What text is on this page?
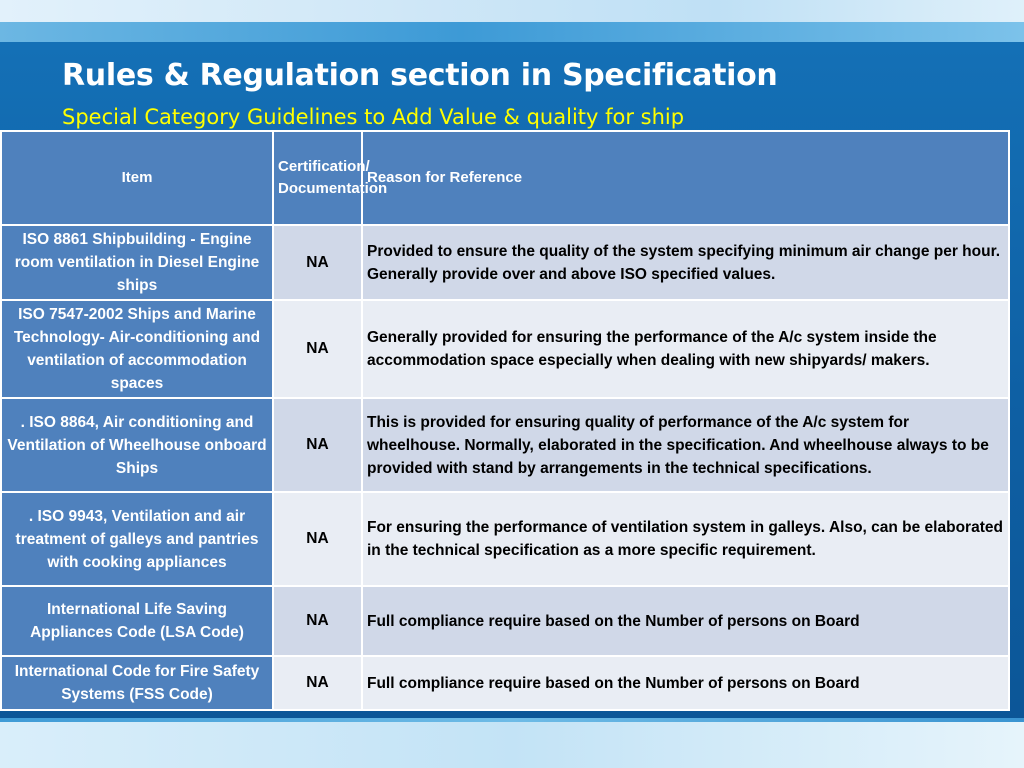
Rules & Regulation section in Specification

Special Category Guidelines to Add Value & quality for ship

Item	Certification/ Documentation	Reason for Reference
ISO 8861 Shipbuilding - Engine room ventilation in Diesel Engine ships	NA	Provided to ensure the quality of the system specifying minimum air change per hour. Generally provide over and above ISO specified values.
ISO 7547-2002 Ships and Marine Technology- Air-conditioning and ventilation of accommodation spaces	NA	Generally provided for ensuring the performance of the A/c system inside the accommodation space especially when dealing with new shipyards/ makers.
. ISO 8864, Air conditioning and Ventilation of Wheelhouse onboard Ships	NA	This is provided for ensuring quality of performance of the A/c system for wheelhouse. Normally, elaborated in the specification. And wheelhouse always to be provided with stand by arrangements in the technical specifications.
. ISO 9943, Ventilation and air treatment of galleys and pantries with cooking appliances	NA	For ensuring the performance of ventilation system in galleys. Also, can be elaborated in the technical specification as a more specific requirement.
International Life Saving Appliances Code (LSA Code)	NA	Full compliance require based on the Number of persons on Board
International Code for Fire Safety Systems (FSS Code)	NA	Full compliance require based on the Number of persons on Board
